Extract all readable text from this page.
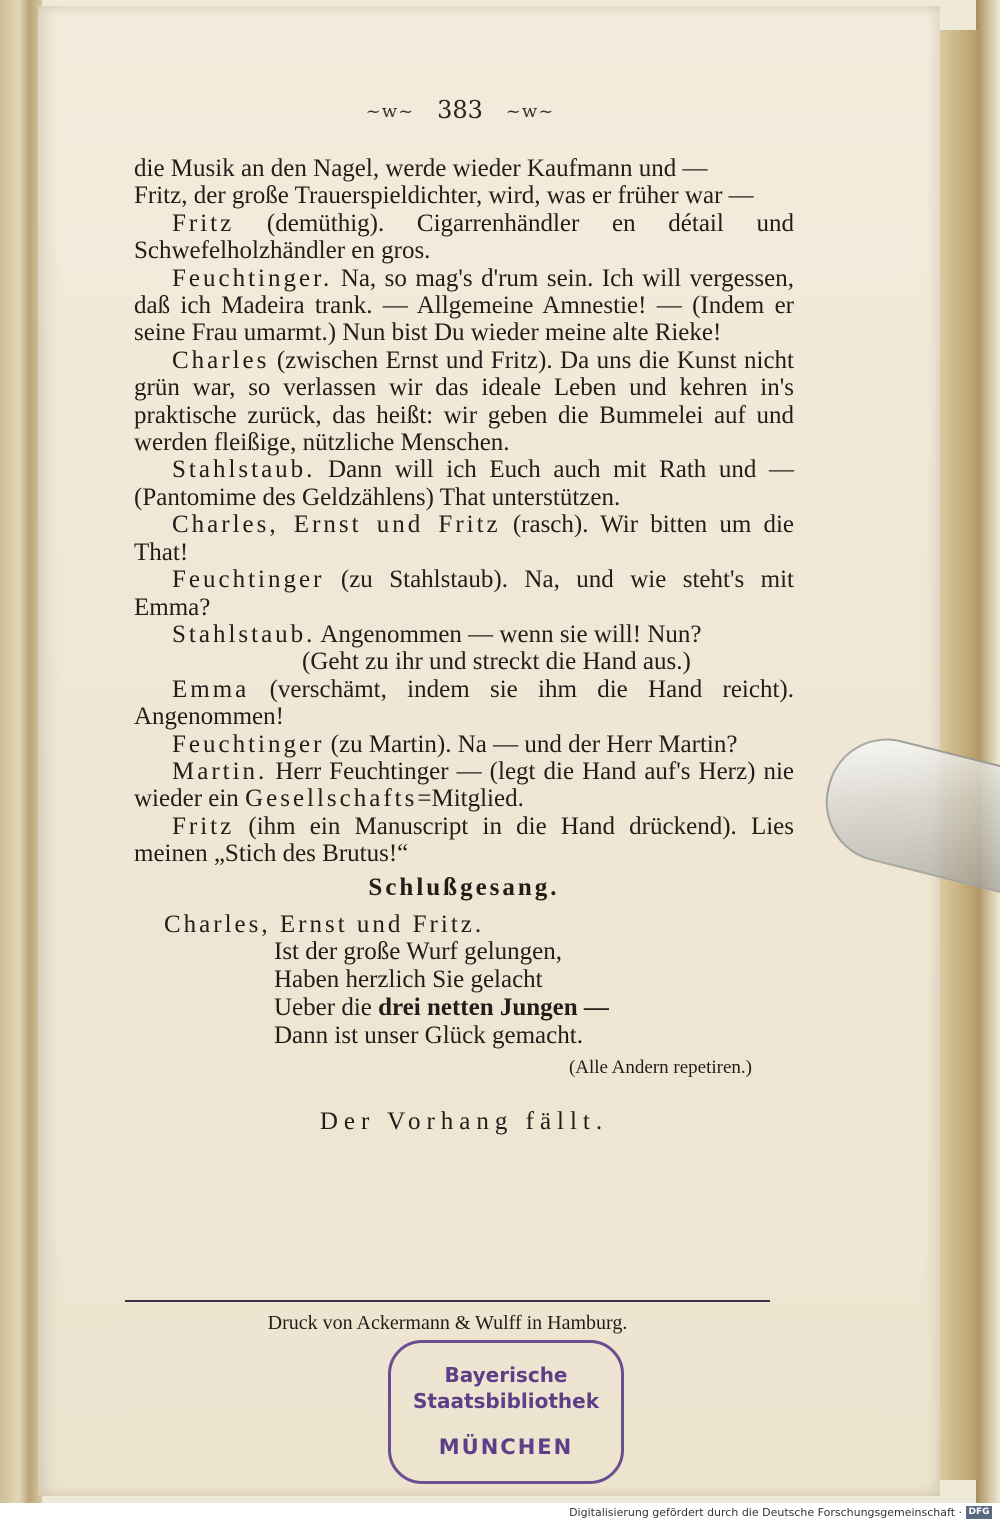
~w~ 383 ~w~

die Musik an den Nagel, werde wieder Kaufmann und —

Fritz, der große Trauerspieldichter, wird, was er früher war —

Fritz (demüthig). Cigarrenhändler en détail und Schwefelholzhändler en gros.

Feuchtinger. Na, so mag's d'rum sein. Ich will vergessen, daß ich Madeira trank. — Allgemeine Amnestie! — (Indem er seine Frau umarmt.) Nun bist Du wieder meine alte Rieke!

Charles (zwischen Ernst und Fritz). Da uns die Kunst nicht grün war, so verlassen wir das ideale Leben und kehren in's praktische zurück, das heißt: wir geben die Bummelei auf und werden fleißige, nützliche Menschen.

Stahlstaub. Dann will ich Euch auch mit Rath und — (Pantomime des Geldzählens) That unterstützen.

Charles, Ernst und Fritz (rasch). Wir bitten um die That!

Feuchtinger (zu Stahlstaub). Na, und wie steht's mit Emma?

Stahlstaub. Angenommen — wenn sie will! Nun?

(Geht zu ihr und streckt die Hand aus.)

Emma (verschämt, indem sie ihm die Hand reicht). Angenommen!

Feuchtinger (zu Martin). Na — und der Herr Martin?

Martin. Herr Feuchtinger — (legt die Hand auf's Herz) nie wieder ein Gesellschafts=Mitglied.

Fritz (ihm ein Manuscript in die Hand drückend). Lies meinen „Stich des Brutus!“

Schlußgesang.

Charles, Ernst und Fritz.
Ist der große Wurf gelungen,
Haben herzlich Sie gelacht
Ueber die drei netten Jungen —
Dann ist unser Glück gemacht.
(Alle Andern repetiren.)
Der Vorhang fällt.
Druck von Ackermann & Wulff in Hamburg.
Bayerische
Staatsbibliothek
MÜNCHEN
Digitalisierung gefördert durch die Deutsche Forschungsgemeinschaft · DFG
